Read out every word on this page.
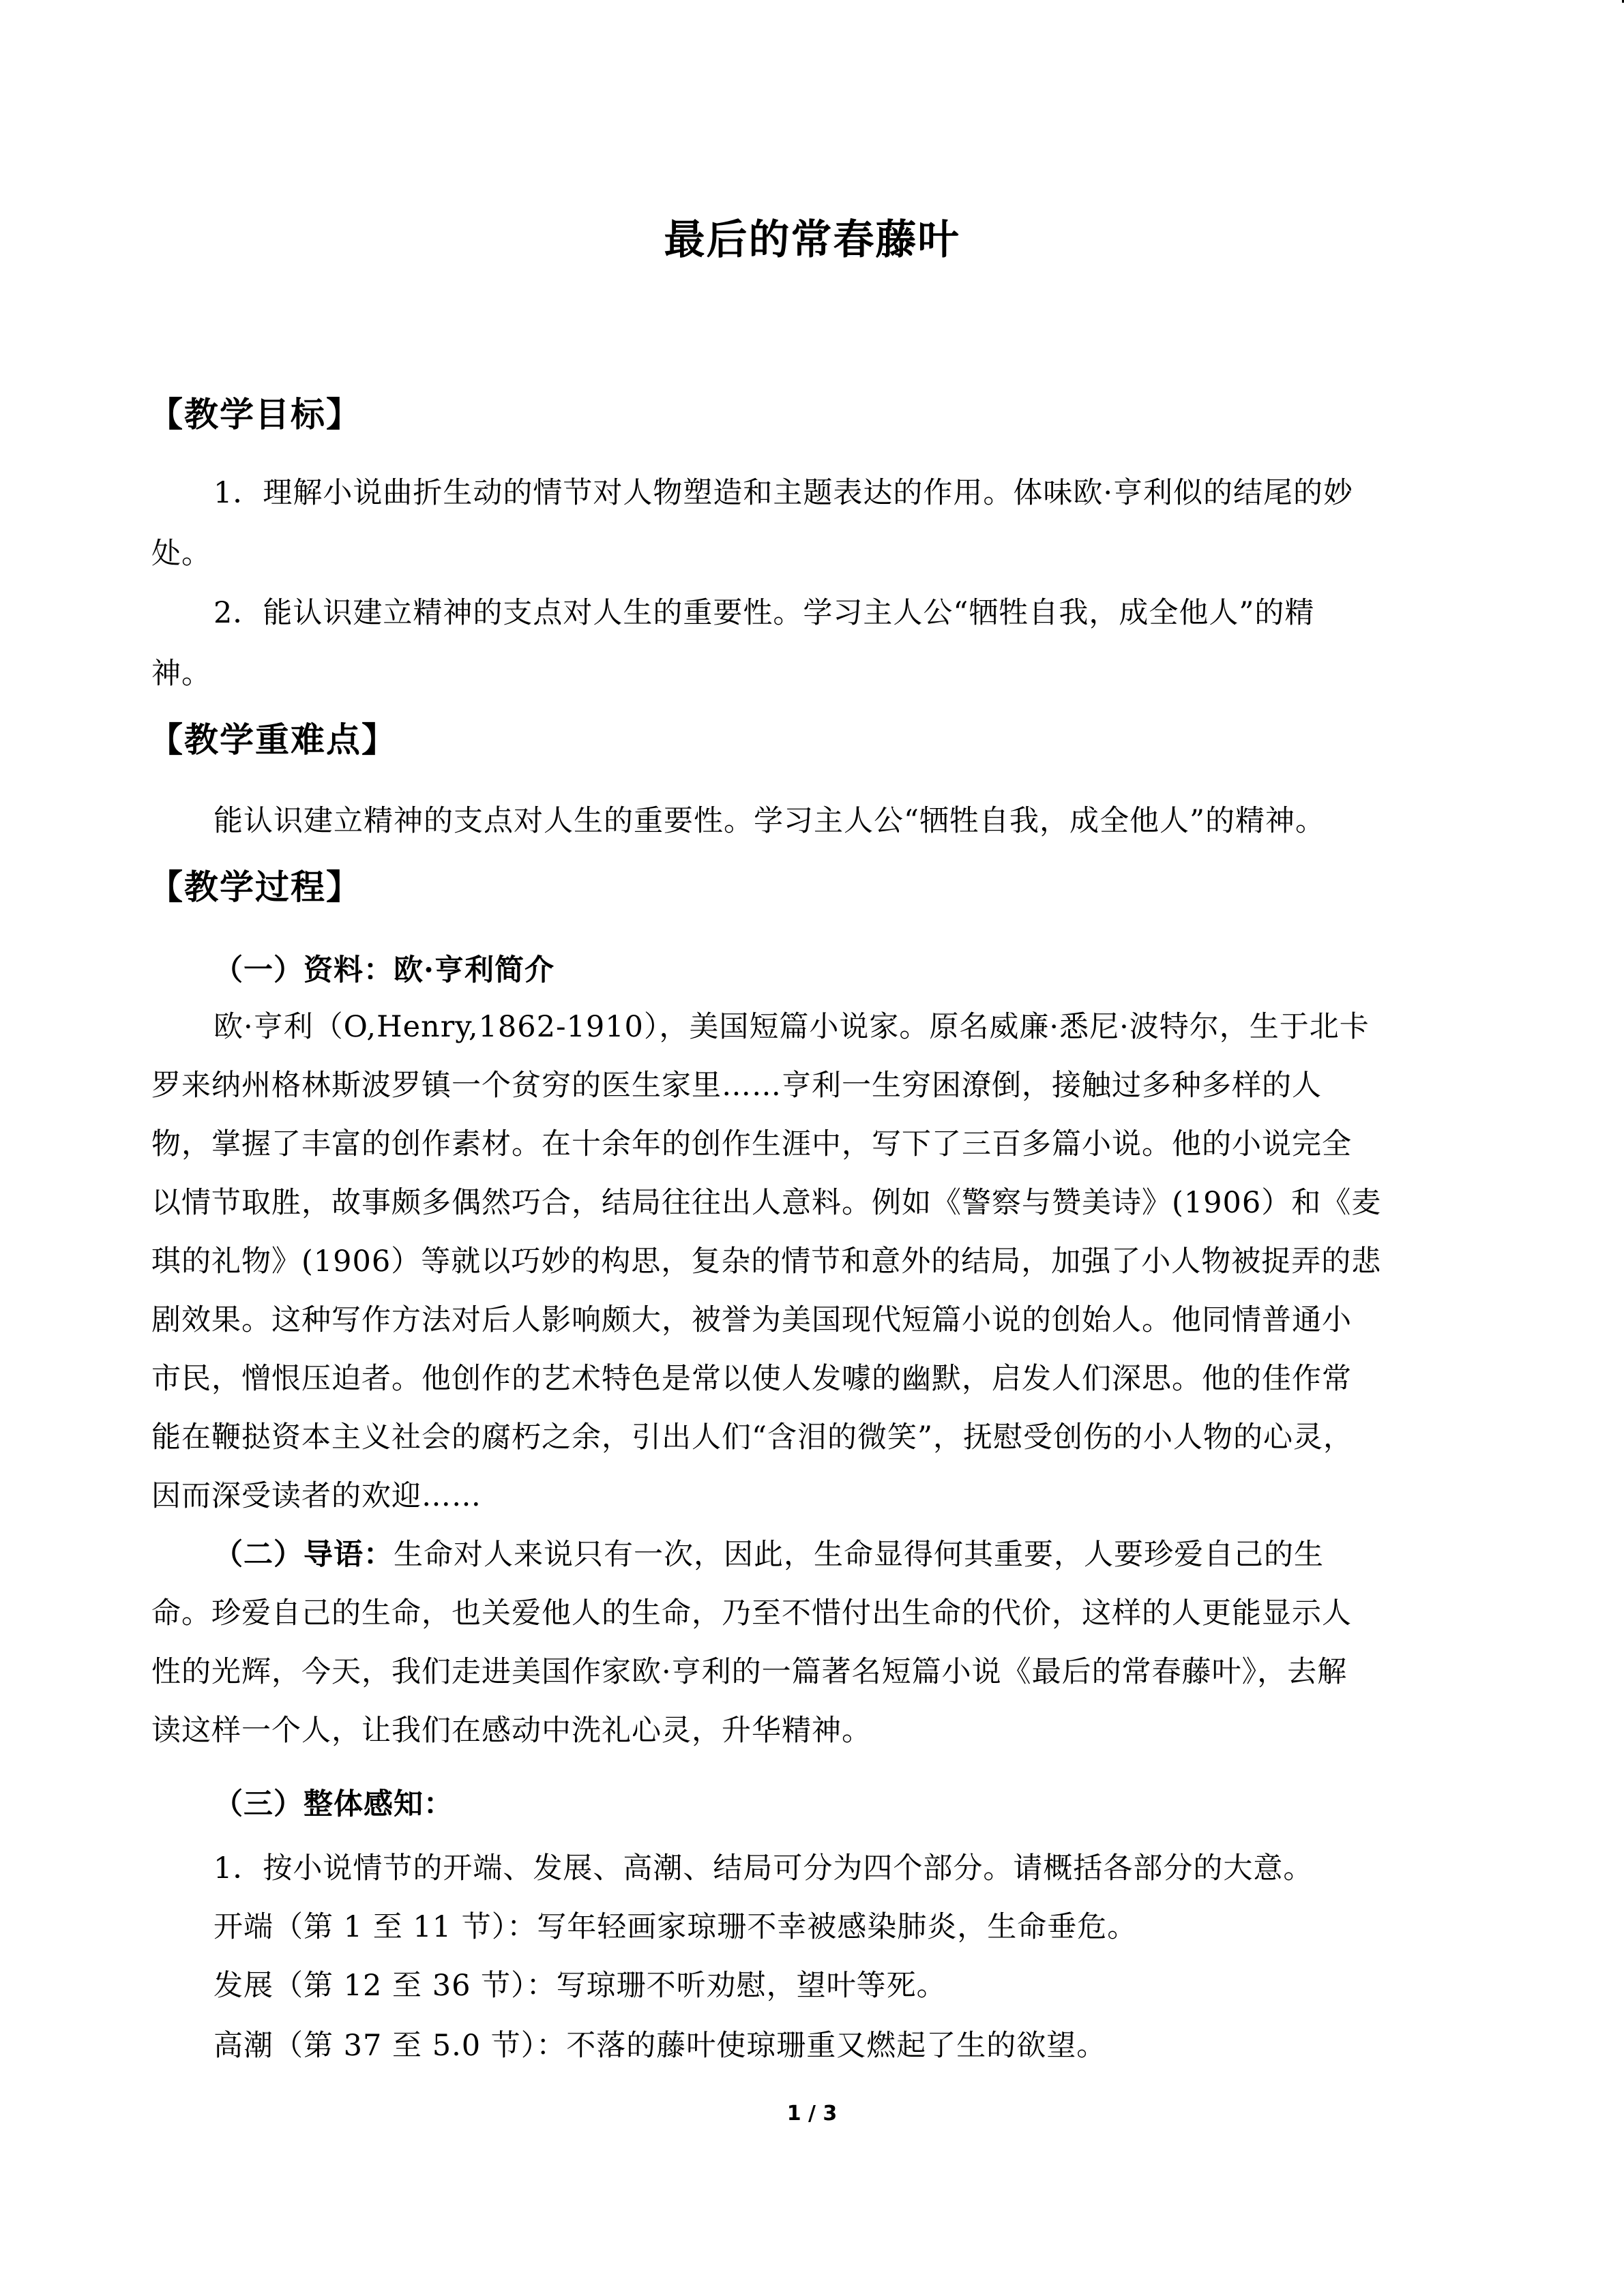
最后的常春藤叶
【教学目标】
1．理解小说曲折生动的情节对人物塑造和主题表达的作用。体味欧·亨利似的结尾的妙
处。
2．能认识建立精神的支点对人生的重要性。学习主人公“牺牲自我，成全他人”的精
神。
【教学重难点】
能认识建立精神的支点对人生的重要性。学习主人公“牺牲自我，成全他人”的精神。
【教学过程】
（一）资料：欧·亨利简介
欧·亨利（O,Henry,1862-1910），美国短篇小说家。原名威廉·悉尼·波特尔，生于北卡
罗来纳州格林斯波罗镇一个贫穷的医生家里……亨利一生穷困潦倒，接触过多种多样的人
物，掌握了丰富的创作素材。在十余年的创作生涯中，写下了三百多篇小说。他的小说完全
以情节取胜，故事颇多偶然巧合，结局往往出人意料。例如《警察与赞美诗》(1906）和《麦
琪的礼物》(1906）等就以巧妙的构思，复杂的情节和意外的结局，加强了小人物被捉弄的悲
剧效果。这种写作方法对后人影响颇大，被誉为美国现代短篇小说的创始人。他同情普通小
市民，憎恨压迫者。他创作的艺术特色是常以使人发噱的幽默，启发人们深思。他的佳作常
能在鞭挞资本主义社会的腐朽之余，引出人们“含泪的微笑”，抚慰受创伤的小人物的心灵，
因而深受读者的欢迎……
（二）导语：生命对人来说只有一次，因此，生命显得何其重要，人要珍爱自己的生
命。珍爱自己的生命，也关爱他人的生命，乃至不惜付出生命的代价，这样的人更能显示人
性的光辉，今天，我们走进美国作家欧·亨利的一篇著名短篇小说《最后的常春藤叶》，去解
读这样一个人，让我们在感动中洗礼心灵，升华精神。
（三）整体感知：
1．按小说情节的开端、发展、高潮、结局可分为四个部分。请概括各部分的大意。
开端（第 1 至 11 节）：写年轻画家琼珊不幸被感染肺炎，生命垂危。
发展（第 12 至 36 节）：写琼珊不听劝慰，望叶等死。
高潮（第 37 至 5.0 节）：不落的藤叶使琼珊重又燃起了生的欲望。
1 / 3
